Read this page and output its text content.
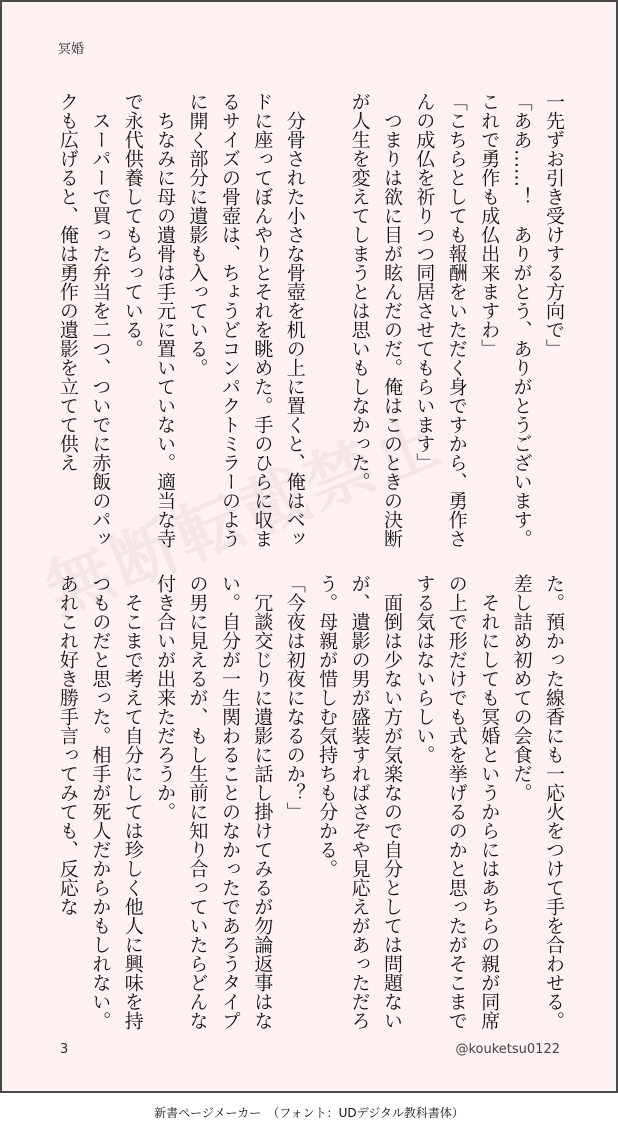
冥婚
一先ずお引き受けする方向で」
「ああ……！　ありがとう、ありがとうございます。これで勇作も成仏出来ますわ」
「こちらとしても報酬をいただく身ですから、勇作さんの成仏を祈りつつ同居させてもらいます」
　つまりは欲に目が眩んだのだ。俺はこのときの決断が人生を変えてしまうとは思いもしなかった。

　分骨された小さな骨壺を机の上に置くと、俺はベッドに座ってぼんやりとそれを眺めた。手のひらに収まるサイズの骨壺は、ちょうどコンパクトミラーのように開く部分に遺影も入っている。
　ちなみに母の遺骨は手元に置いていない。適当な寺で永代供養してもらっている。
　スーパーで買った弁当を二つ、ついでに赤飯のパックも広げると、俺は勇作の遺影を立てて供え
た。預かった線香にも一応火をつけて手を合わせる。差し詰め初めての会食だ。
　それにしても冥婚というからにはあちらの親が同席の上で形だけでも式を挙げるのかと思ったがそこまでする気はないらしい。
　面倒は少ない方が気楽なので自分としては問題ないが、遺影の男が盛装すればさぞや見応えがあっただろう。母親が惜しむ気持ちも分かる。
「今夜は初夜になるのか？」
　冗談交じりに遺影に話し掛けてみるが勿論返事はない。自分が一生関わることのなかったであろうタイプの男に見えるが、もし生前に知り合っていたらどんな付き合いが出来ただろうか。
　そこまで考えて自分にしては珍しく他人に興味を持つものだと思った。相手が死人だからかもしれない。あれこれ好き勝手言ってみても、反応な
3	@kouketsu0122
新書ページメーカー　（フォント：UDデジタル教科書体）
